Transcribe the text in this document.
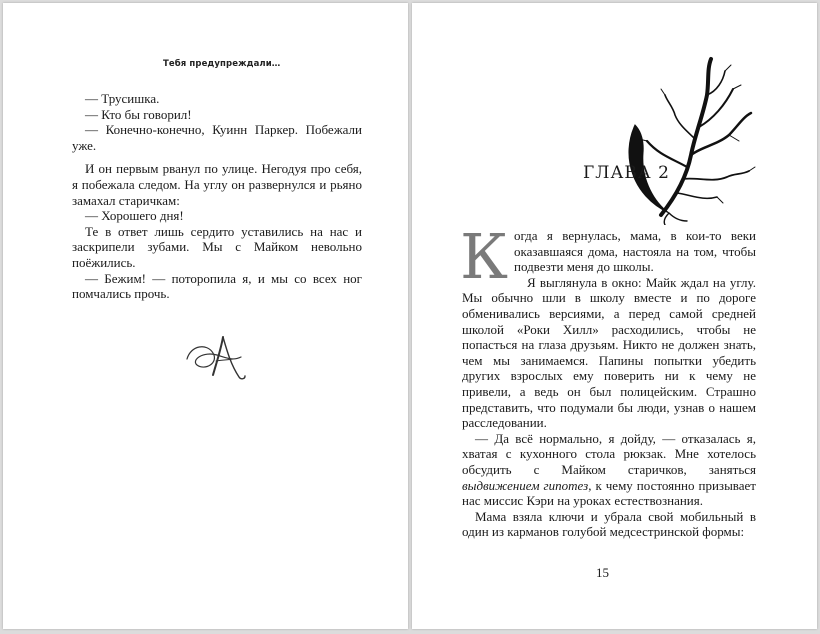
Тебя предупреждали…

— Трусишка.

— Кто бы говорил!

— Конечно-конечно, Куинн Паркер. Побежали уже.

И он первым рванул по улице. Негодуя про себя, я побежала следом. На углу он развернулся и рьяно замахал старичкам:

— Хорошего дня!

Те в ответ лишь сердито уставились на нас и заскрипели зубами. Мы с Майком невольно поёжились.

— Бежим! — поторопила я, и мы со всех ног помчались прочь.

ГЛАВА 2

Когда я вернулась, мама, в кои-то веки оказавшаяся дома, настояла на том, чтобы подвезти меня до школы.

Я выглянула в окно: Майк ждал на углу. Мы обычно шли в школу вместе и по дороге обменивались версиями, а перед самой средней школой «Роки Хилл» расходились, чтобы не попасться на глаза друзьям. Никто не должен знать, чем мы занимаемся. Папины попытки убедить других взрослых ему поверить ни к чему не привели, а ведь он был полицейским. Страшно представить, что подумали бы люди, узнав о нашем расследовании.

— Да всё нормально, я дойду, — отказалась я, хватая с кухонного стола рюкзак. Мне хотелось обсудить с Майком старичков, заняться выдвижением гипотез, к чему постоянно призывает нас миссис Кэри на уроках естествознания.

Мама взяла ключи и убрала свой мобильный в один из карманов голубой медсестринской формы:

15
